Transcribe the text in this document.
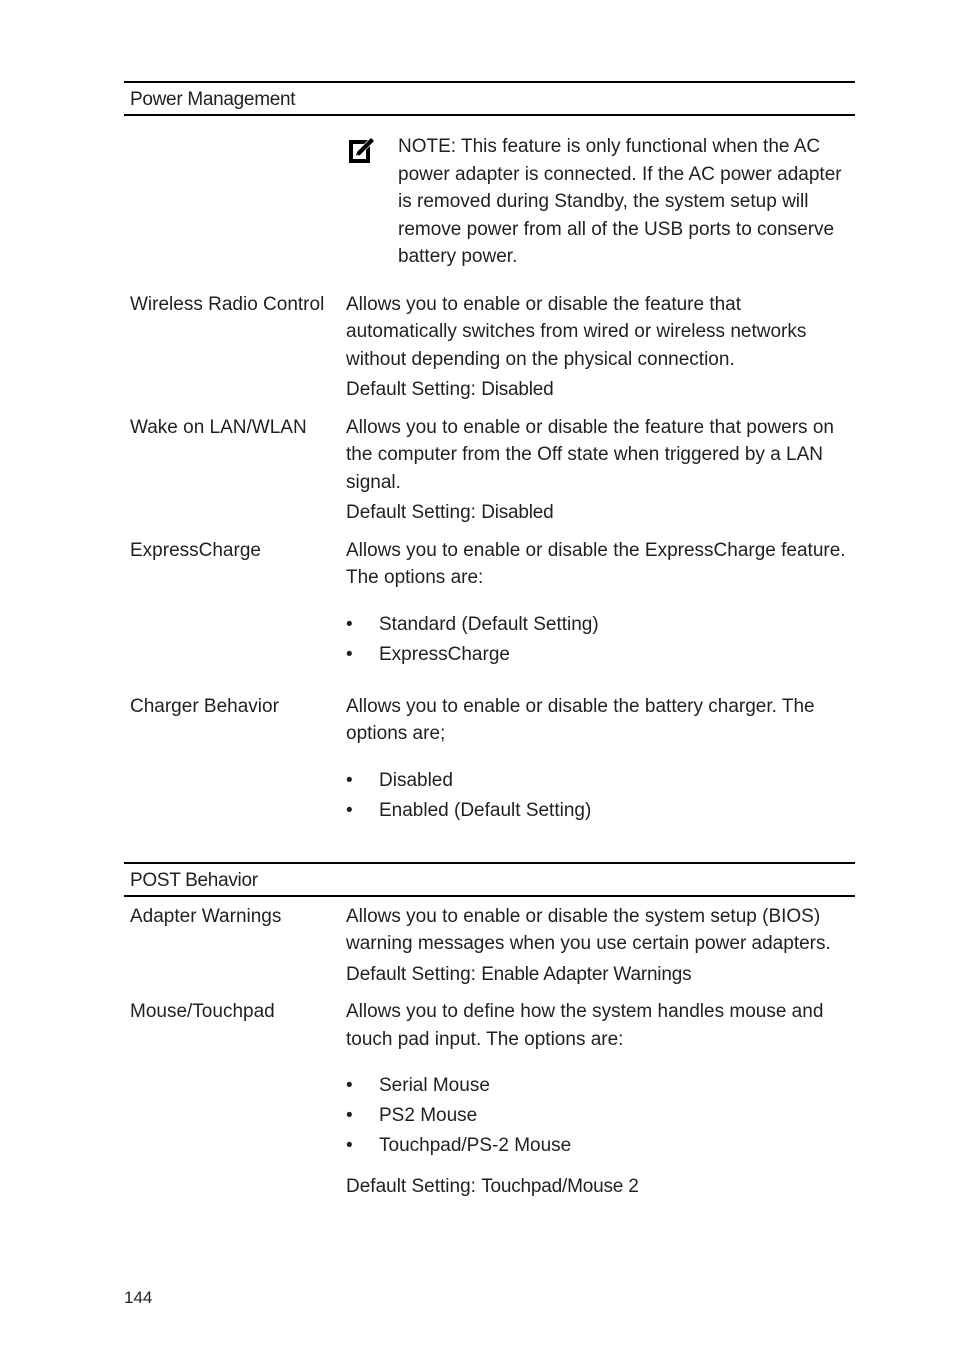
Power Management
NOTE: This feature is only functional when the AC power adapter is connected. If the AC power adapter is removed during Standby, the system setup will remove power from all of the USB ports to conserve battery power.
Wireless Radio Control	Allows you to enable or disable the feature that automatically switches from wired or wireless networks without depending on the physical connection.

Default Setting: Disabled

Wake on LAN/WLAN	Allows you to enable or disable the feature that powers on the computer from the Off state when triggered by a LAN signal.

Default Setting: Disabled

ExpressCharge	Allows you to enable or disable the ExpressCharge feature. The options are:

• Standard (Default Setting)
• ExpressCharge
Charger Behavior	Allows you to enable or disable the battery charger. The options are;

• Disabled
• Enabled (Default Setting)
POST Behavior
Adapter Warnings	Allows you to enable or disable the system setup (BIOS) warning messages when you use certain power adapters.

Default Setting: Enable Adapter Warnings

Mouse/Touchpad	Allows you to define how the system handles mouse and touch pad input. The options are:

• Serial Mouse
• PS2 Mouse
• Touchpad/PS-2 Mouse

Default Setting: Touchpad/Mouse 2

144
